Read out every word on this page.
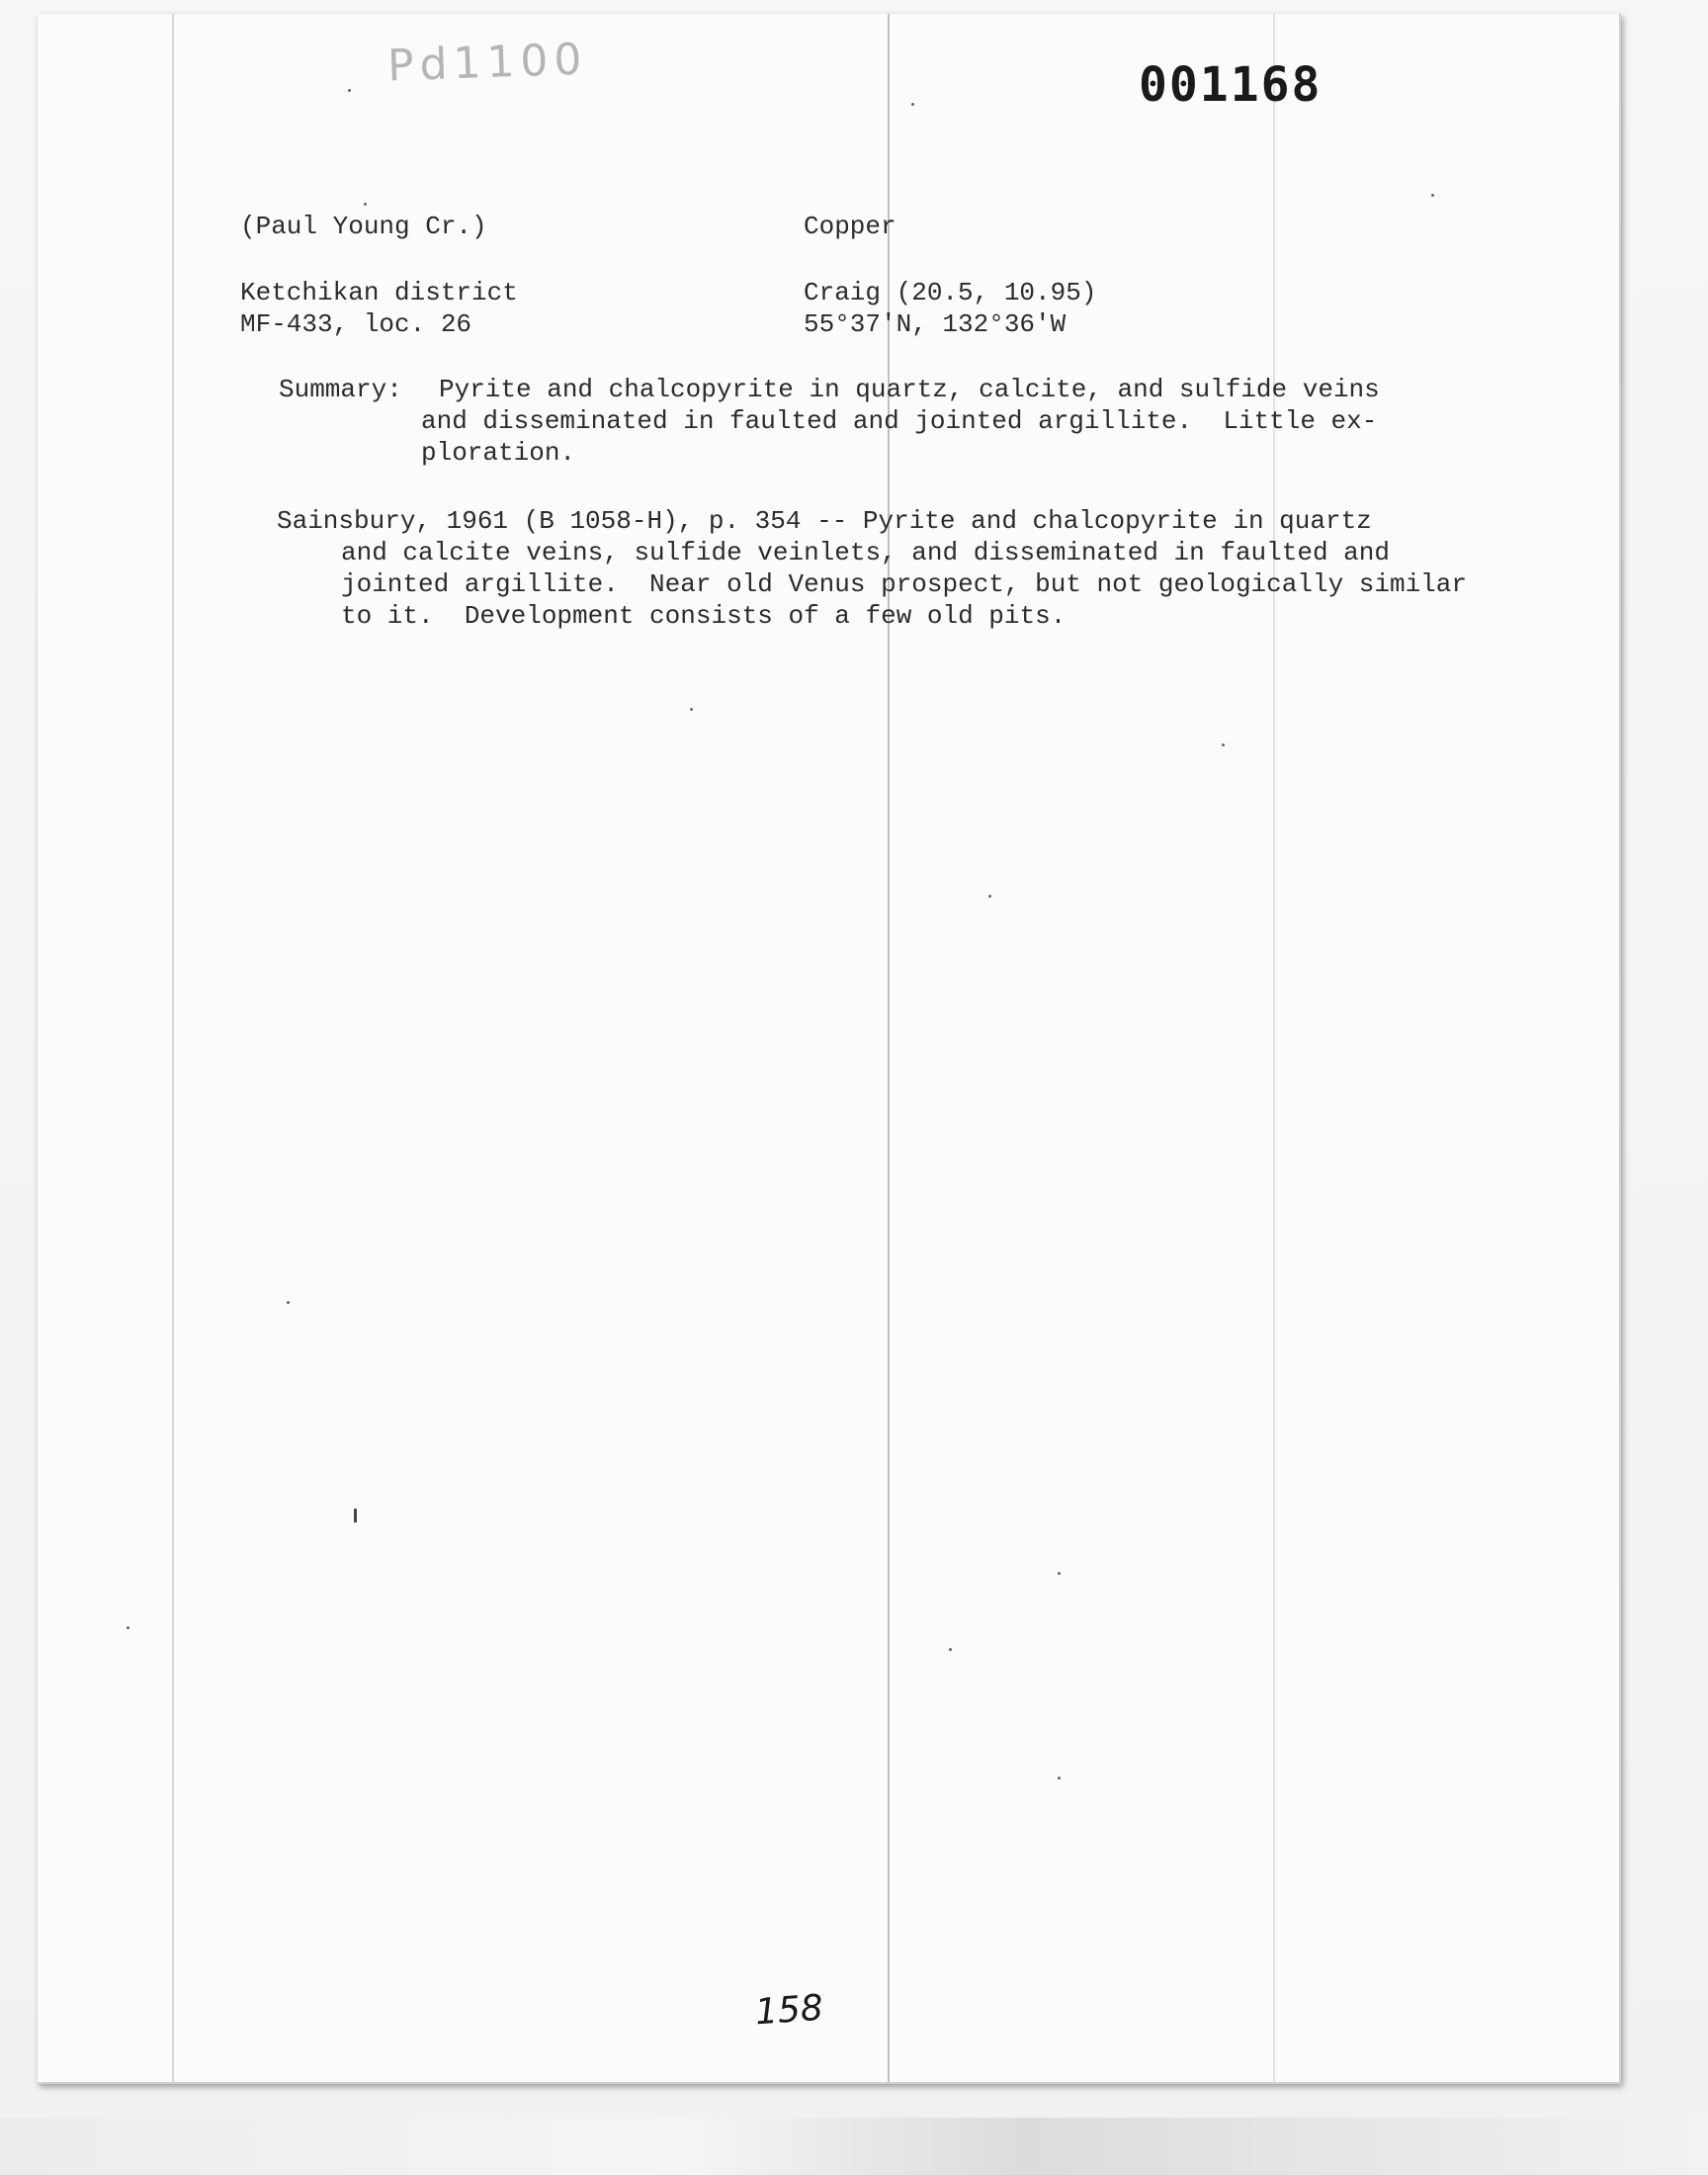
Pd1100	001168
(Paul Young Cr.)	Copper
Ketchikan district	Craig (20.5, 10.95)
MF-433, loc. 26	55°37'N, 132°36'W
Summary: Pyrite and chalcopyrite in quartz, calcite, and sulfide veins
and disseminated in faulted and jointed argillite.  Little ex-
ploration.
Sainsbury, 1961 (B 1058-H), p. 354 -- Pyrite and chalcopyrite in quartz
and calcite veins, sulfide veinlets, and disseminated in faulted and
jointed argillite.  Near old Venus prospect, but not geologically similar
to it.  Development consists of a few old pits.
158
